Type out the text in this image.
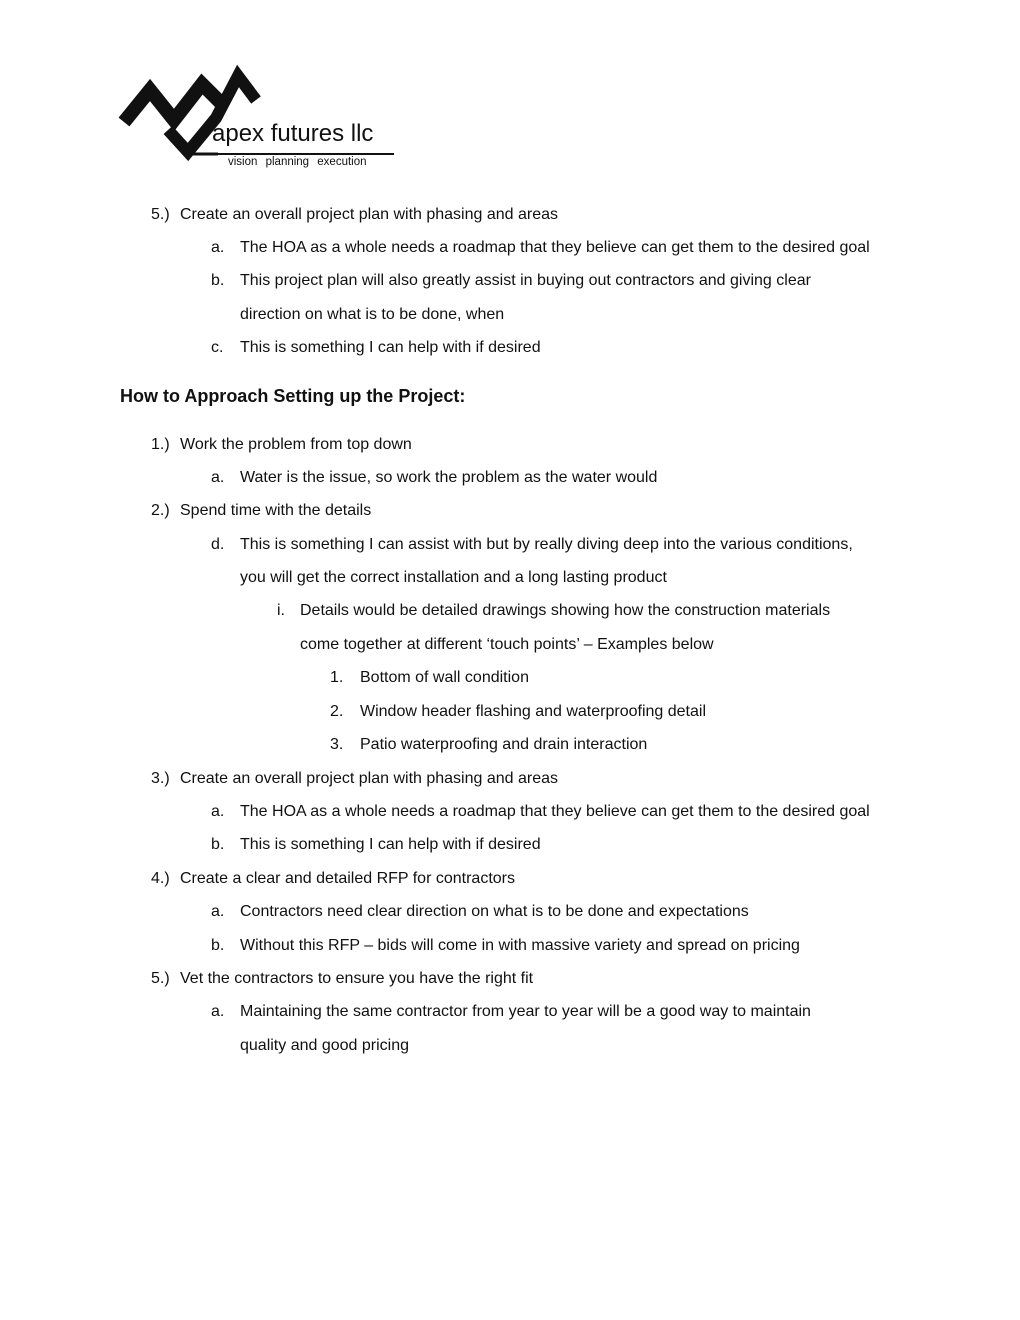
apex futures llc
vision planning execution
5.) Create an overall project plan with phasing and areas
a. The HOA as a whole needs a roadmap that they believe can get them to the desired goal
b. This project plan will also greatly assist in buying out contractors and giving clear
direction on what is to be done, when
c. This is something I can help with if desired
How to Approach Setting up the Project:
1.) Work the problem from top down
a. Water is the issue, so work the problem as the water would
2.) Spend time with the details
d. This is something I can assist with but by really diving deep into the various conditions,
you will get the correct installation and a long lasting product
i. Details would be detailed drawings showing how the construction materials
come together at different ‘touch points’ – Examples below
1. Bottom of wall condition
2. Window header flashing and waterproofing detail
3. Patio waterproofing and drain interaction
3.) Create an overall project plan with phasing and areas
a. The HOA as a whole needs a roadmap that they believe can get them to the desired goal
b. This is something I can help with if desired
4.) Create a clear and detailed RFP for contractors
a. Contractors need clear direction on what is to be done and expectations
b. Without this RFP – bids will come in with massive variety and spread on pricing
5.) Vet the contractors to ensure you have the right fit
a. Maintaining the same contractor from year to year will be a good way to maintain
quality and good pricing
